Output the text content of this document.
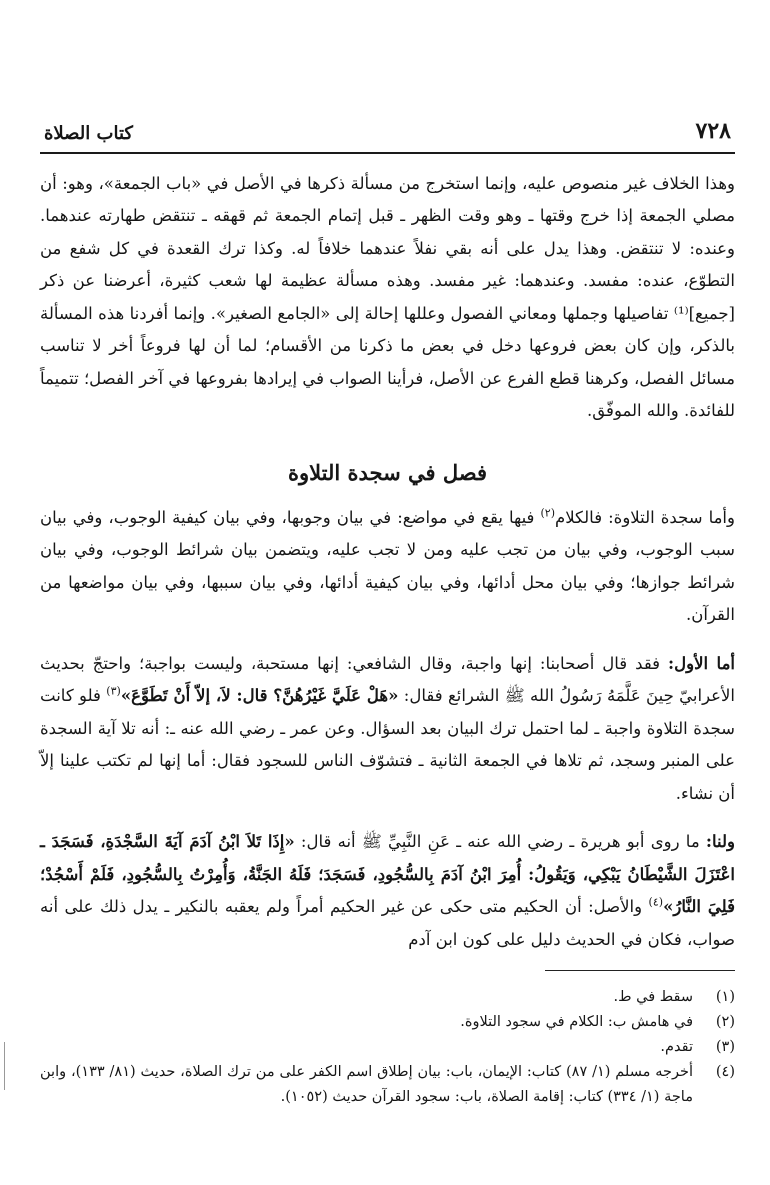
٧٢٨
كتاب الصلاة

وهذا الخلاف غير منصوص عليه، وإنما استخرج من مسألة ذكرها في الأصل في «باب الجمعة»، وهو: أن مصلي الجمعة إذا خرج وقتها ـ وهو وقت الظهر ـ قبل إتمام الجمعة ثم قهقه ـ تنتقض طهارته عندهما. وعنده: لا تنتقض. وهذا يدل على أنه بقي نفلاً عندهما خلافاً له. وكذا ترك القعدة في كل شفع من التطوّع، عنده: مفسد. وعندهما: غير مفسد. وهذه مسألة عظيمة لها شعب كثيرة، أعرضنا عن ذكر [جميع]⁽¹⁾ تفاصيلها وجملها ومعاني الفصول وعللها إحالة إلى «الجامع الصغير». وإنما أفردنا هذه المسألة بالذكر، وإن كان بعض فروعها دخل في بعض ما ذكرنا من الأقسام؛ لما أن لها فروعاً أخر لا تناسب مسائل الفصل، وكرهنا قطع الفرع عن الأصل، فرأينا الصواب في إيرادها بفروعها في آخر الفصل؛ تتميماً للفائدة. والله الموفّق.

فصل في سجدة التلاوة

وأما سجدة التلاوة: فالكلام$^{(٢)}$ فيها يقع في مواضع: في بيان وجوبها، وفي بيان كيفية الوجوب، وفي بيان سبب الوجوب، وفي بيان من تجب عليه ومن لا تجب عليه، ويتضمن بيان شرائط الوجوب، وفي بيان شرائط جوازها؛ وفي بيان محل أدائها، وفي بيان كيفية أدائها، وفي بيان سببها، وفي بيان مواضعها من القرآن.

أما الأول: فقد قال أصحابنا: إنها واجبة، وقال الشافعي: إنها مستحبة، وليست بواجبة؛ واحتجّ بحديث الأعرابيّ حِينَ عَلَّمَهُ رَسُولُ الله ﷺ الشرائع فقال: «هَلْ عَلَيَّ غَيْرُهُنَّ؟ قال: لاَ، إلاّ أَنْ تَطَوَّعَ»$^{(٣)}$ فلو كانت سجدة التلاوة واجبة ـ لما احتمل ترك البيان بعد السؤال. وعن عمر ـ رضي الله عنه ـ: أنه تلا آية السجدة على المنبر وسجد، ثم تلاها في الجمعة الثانية ـ فتشوّف الناس للسجود فقال: أما إنها لم تكتب علينا إلاّ أن نشاء.

ولنا: ما روى أبو هريرة ـ رضي الله عنه ـ عَنِ النَّبِيِّ ﷺ أنه قال: «إِذَا تَلاَ ابْنُ آدَمَ آيَةَ السَّجْدَةِ، فَسَجَدَ ـ اعْتَزَلَ الشَّيْطَانُ يَبْكِي، وَيَقُولُ: أُمِرَ ابْنُ آدَمَ بِالسُّجُودِ، فَسَجَدَ؛ فَلَهُ الجَنَّةُ، وَأُمِرْتُ بِالسُّجُودِ، فَلَمْ أَسْجُدْ؛ فَلِيَ النَّارُ»$^{(٤)}$ والأصل: أن الحكيم متى حكى عن غير الحكيم أمراً ولم يعقبه بالنكير ـ يدل ذلك على أنه صواب، فكان في الحديث دليل على كون ابن آدم

(١)
سقط في ط.
(٢)
في هامش ب: الكلام في سجود التلاوة.
(٣)
تقدم.
(٤)
أخرجه مسلم (١/ ٨٧) كتاب: الإيمان، باب: بيان إطلاق اسم الكفر على من ترك الصلاة، حديث (٨١/ ١٣٣)، وابن ماجة (١/ ٣٣٤) كتاب: إقامة الصلاة، باب: سجود القرآن حديث (١٠٥٢).
